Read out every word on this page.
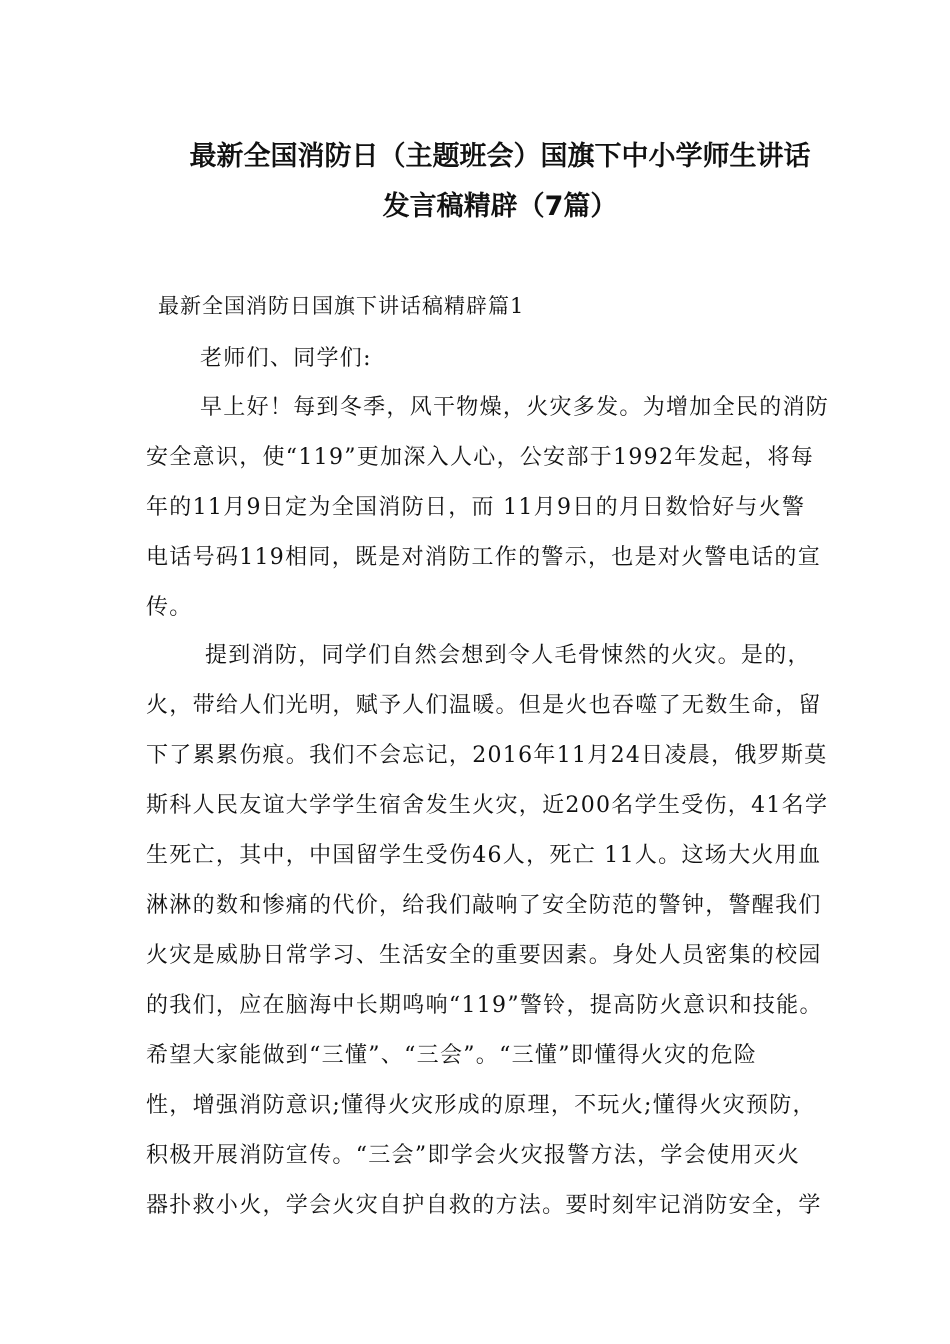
最新全国消防日（主题班会）国旗下中小学师生讲话
发言稿精辟（7篇）
最新全国消防日国旗下讲话稿精辟篇1
老师们、同学们:
早上好！每到冬季，风干物燥，火灾多发。为增加全民的消防
安全意识，使“119”更加深入人心，公安部于1992年发起，将每
年的11月9日定为全国消防日，而 11月9日的月日数恰好与火警
电话号码119相同，既是对消防工作的警示，也是对火警电话的宣
传。
提到消防，同学们自然会想到令人毛骨悚然的火灾。是的，
火，带给人们光明，赋予人们温暖。但是火也吞噬了无数生命，留
下了累累伤痕。我们不会忘记，2016年11月24日凌晨，俄罗斯莫
斯科人民友谊大学学生宿舍发生火灾，近200名学生受伤，41名学
生死亡，其中，中国留学生受伤46人，死亡 11人。这场大火用血
淋淋的数和惨痛的代价，给我们敲响了安全防范的警钟，警醒我们
火灾是威胁日常学习、生活安全的重要因素。身处人员密集的校园
的我们，应在脑海中长期鸣响“119”警铃，提高防火意识和技能。
希望大家能做到“三懂”、“三会”。“三懂”即懂得火灾的危险
性，增强消防意识;懂得火灾形成的原理，不玩火;懂得火灾预防，
积极开展消防宣传。“三会”即学会火灾报警方法，学会使用灭火
器扑救小火，学会火灾自护自救的方法。要时刻牢记消防安全，学
